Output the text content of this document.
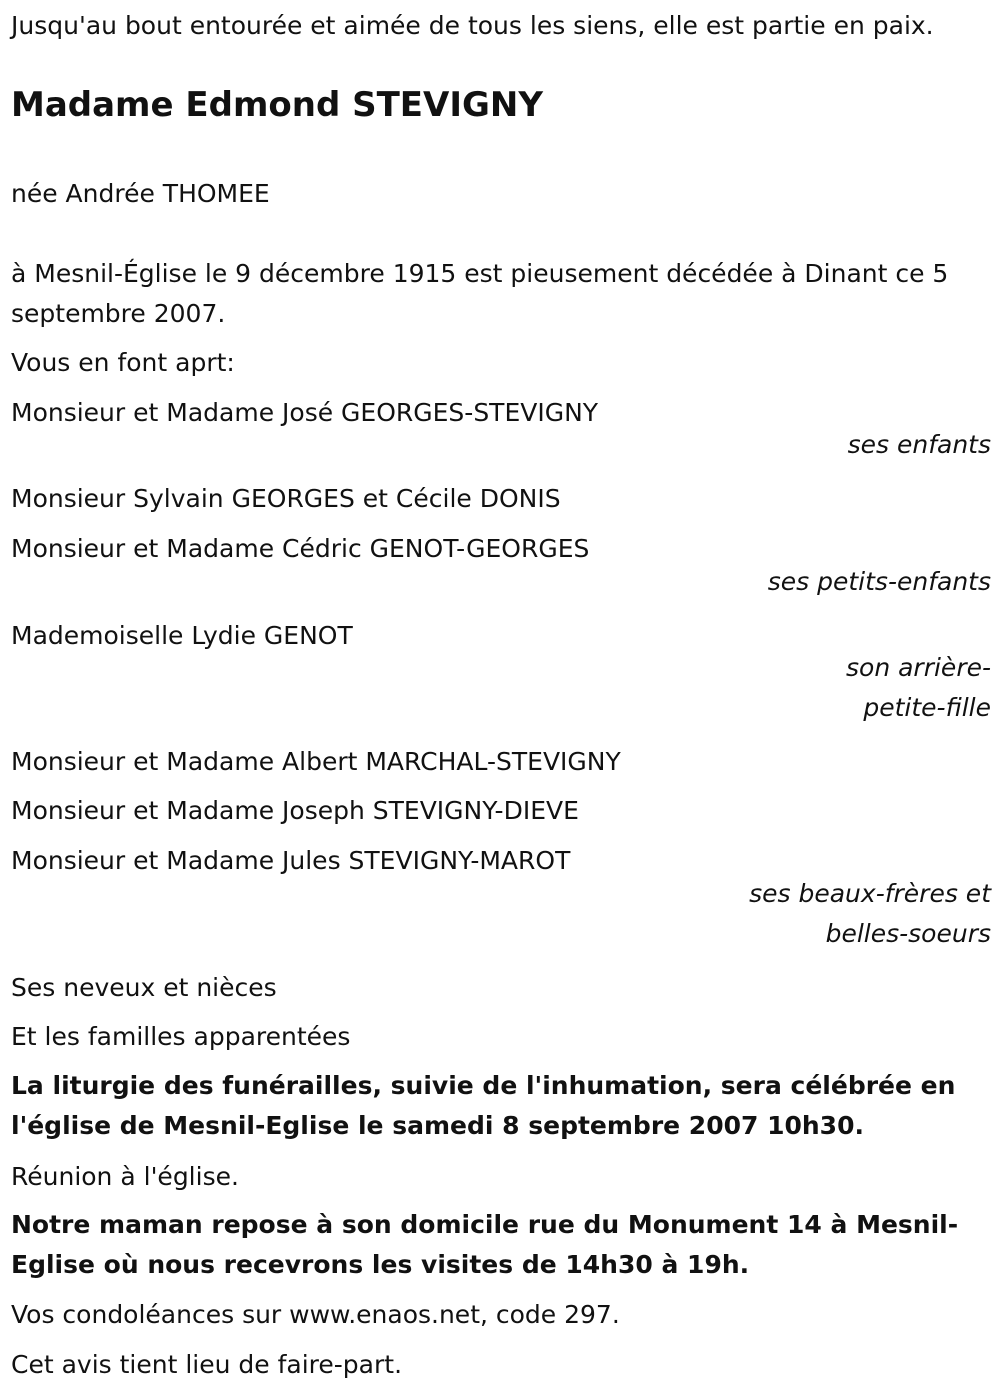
Jusqu'au bout entourée et aimée de tous les siens, elle est partie en paix.
Madame Edmond STEVIGNY
née Andrée THOMEE
à Mesnil-Église le 9 décembre 1915 est pieusement décédée à Dinant ce 5 septembre 2007.
Vous en font aprt:
Monsieur et Madame José GEORGES-STEVIGNY
ses enfants
Monsieur Sylvain GEORGES et Cécile DONIS
Monsieur et Madame Cédric GENOT-GEORGES
ses petits-enfants
Mademoiselle Lydie GENOT
son arrière-petite-fille
Monsieur et Madame Albert MARCHAL-STEVIGNY
Monsieur et Madame Joseph STEVIGNY-DIEVE
Monsieur et Madame Jules STEVIGNY-MAROT
ses beaux-frères et belles-soeurs
Ses neveux et nièces
Et les familles apparentées
La liturgie des funérailles, suivie de l'inhumation, sera célébrée en l'église de Mesnil-Eglise le samedi 8 septembre 2007 10h30.
Réunion à l'église.
Notre maman repose à son domicile rue du Monument 14 à Mesnil-Eglise où nous recevrons les visites de 14h30 à 19h.
Vos condoléances sur www.enaos.net, code 297.
Cet avis tient lieu de faire-part.
